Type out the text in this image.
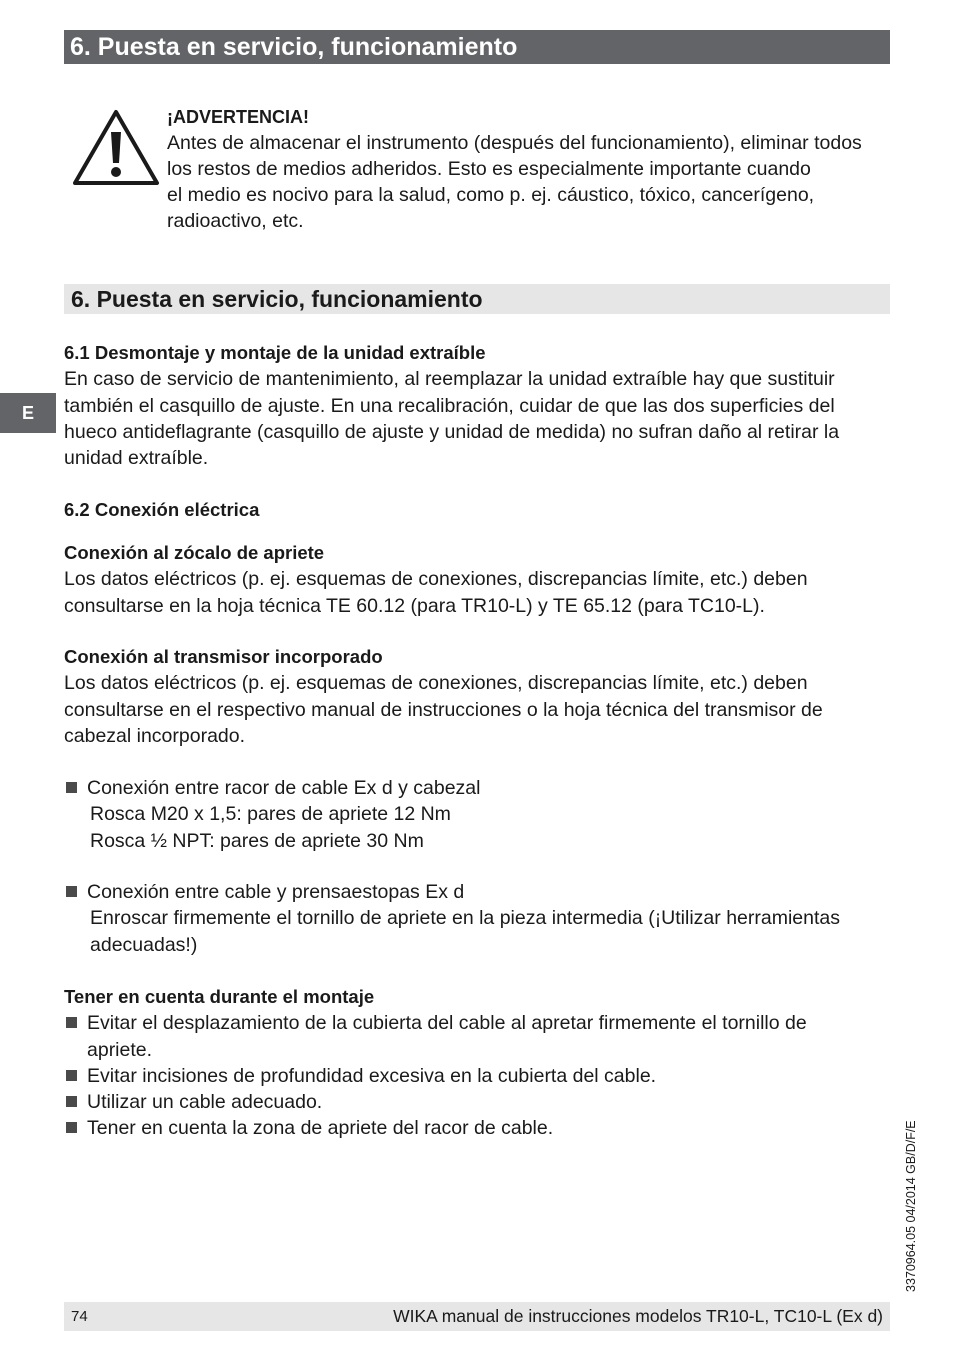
6. Puesta en servicio, funcionamiento
¡ADVERTENCIA!
Antes de almacenar el instrumento (después del funcionamiento), eliminar todos
los restos de medios adheridos. Esto es especialmente importante cuando
el medio es nocivo para la salud, como p. ej. cáustico, tóxico, cancerígeno,
radioactivo, etc.
6. Puesta en servicio, funcionamiento
E
6.1 Desmontaje y montaje de la unidad extraíble
En caso de servicio de mantenimiento, al reemplazar la unidad extraíble hay que sustituir
también el casquillo de ajuste. En una recalibración, cuidar de que las dos superficies del
hueco antideflagrante (casquillo de ajuste y unidad de medida) no sufran daño al retirar la
unidad extraíble.
6.2 Conexión eléctrica
Conexión al zócalo de apriete
Los datos eléctricos (p. ej. esquemas de conexiones, discrepancias límite, etc.) deben
consultarse en la hoja técnica TE 60.12 (para TR10-L) y TE 65.12 (para TC10-L).
Conexión al transmisor incorporado
Los datos eléctricos (p. ej. esquemas de conexiones, discrepancias límite, etc.) deben
consultarse en el respectivo manual de instrucciones o la hoja técnica del transmisor de
cabezal incorporado.
Conexión entre racor de cable Ex d y cabezal
Rosca M20 x 1,5: pares de apriete 12 Nm
Rosca ½ NPT: pares de apriete 30 Nm
Conexión entre cable y prensaestopas Ex d
Enroscar firmemente el tornillo de apriete en la pieza intermedia (¡Utilizar herramientas
adecuadas!)
Tener en cuenta durante el montaje
Evitar el desplazamiento de la cubierta del cable al apretar firmemente el tornillo de
apriete.
Evitar incisiones de profundidad excesiva en la cubierta del cable.
Utilizar un cable adecuado.
Tener en cuenta la zona de apriete del racor de cable.	3370964.05 04/2014 GB/D/F/E
74	WIKA manual de instrucciones modelos TR10-L, TC10-L (Ex d)
